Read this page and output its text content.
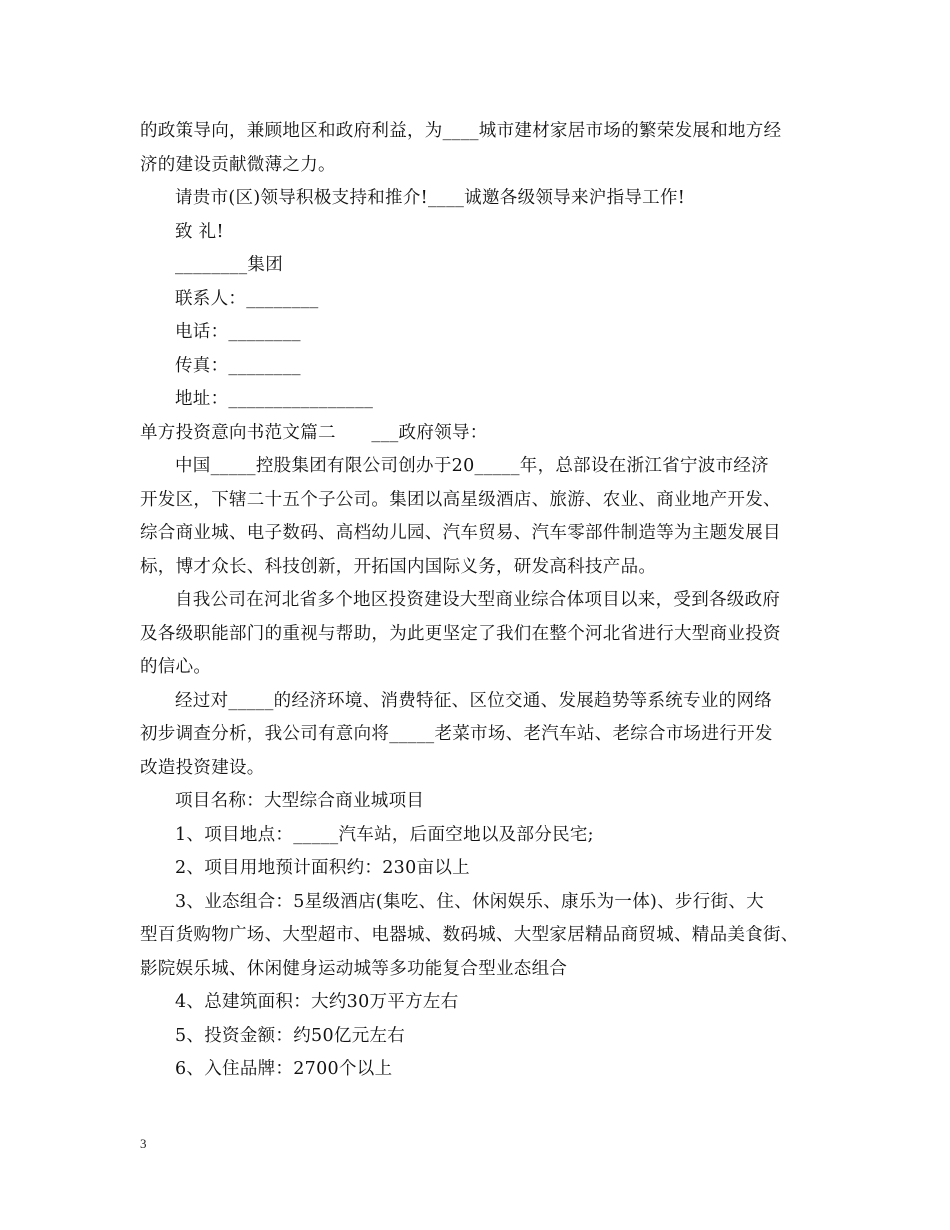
的政策导向，兼顾地区和政府利益，为____城市建材家居市场的繁荣发展和地方经
济的建设贡献微薄之力。
请贵市(区)领导积极支持和推介!____诚邀各级领导来沪指导工作!
致 礼!
________集团
联系人：________
电话：________
传真：________
地址：________________
单方投资意向书范文篇二　　___政府领导：
中国_____控股集团有限公司创办于20_____年，总部设在浙江省宁波市经济
开发区，下辖二十五个子公司。集团以高星级酒店、旅游、农业、商业地产开发、
综合商业城、电子数码、高档幼儿园、汽车贸易、汽车零部件制造等为主题发展目
标，博才众长、科技创新，开拓国内国际义务，研发高科技产品。
自我公司在河北省多个地区投资建设大型商业综合体项目以来，受到各级政府
及各级职能部门的重视与帮助，为此更坚定了我们在整个河北省进行大型商业投资
的信心。
经过对_____的经济环境、消费特征、区位交通、发展趋势等系统专业的网络
初步调查分析，我公司有意向将_____老菜市场、老汽车站、老综合市场进行开发
改造投资建设。
项目名称：大型综合商业城项目
1、项目地点：_____汽车站，后面空地以及部分民宅;
2、项目用地预计面积约：230亩以上
3、业态组合：5星级酒店(集吃、住、休闲娱乐、康乐为一体)、步行街、大
型百货购物广场、大型超市、电器城、数码城、大型家居精品商贸城、精品美食街、
影院娱乐城、休闲健身运动城等多功能复合型业态组合
4、总建筑面积：大约30万平方左右
5、投资金额：约50亿元左右
6、入住品牌：2700个以上
3
